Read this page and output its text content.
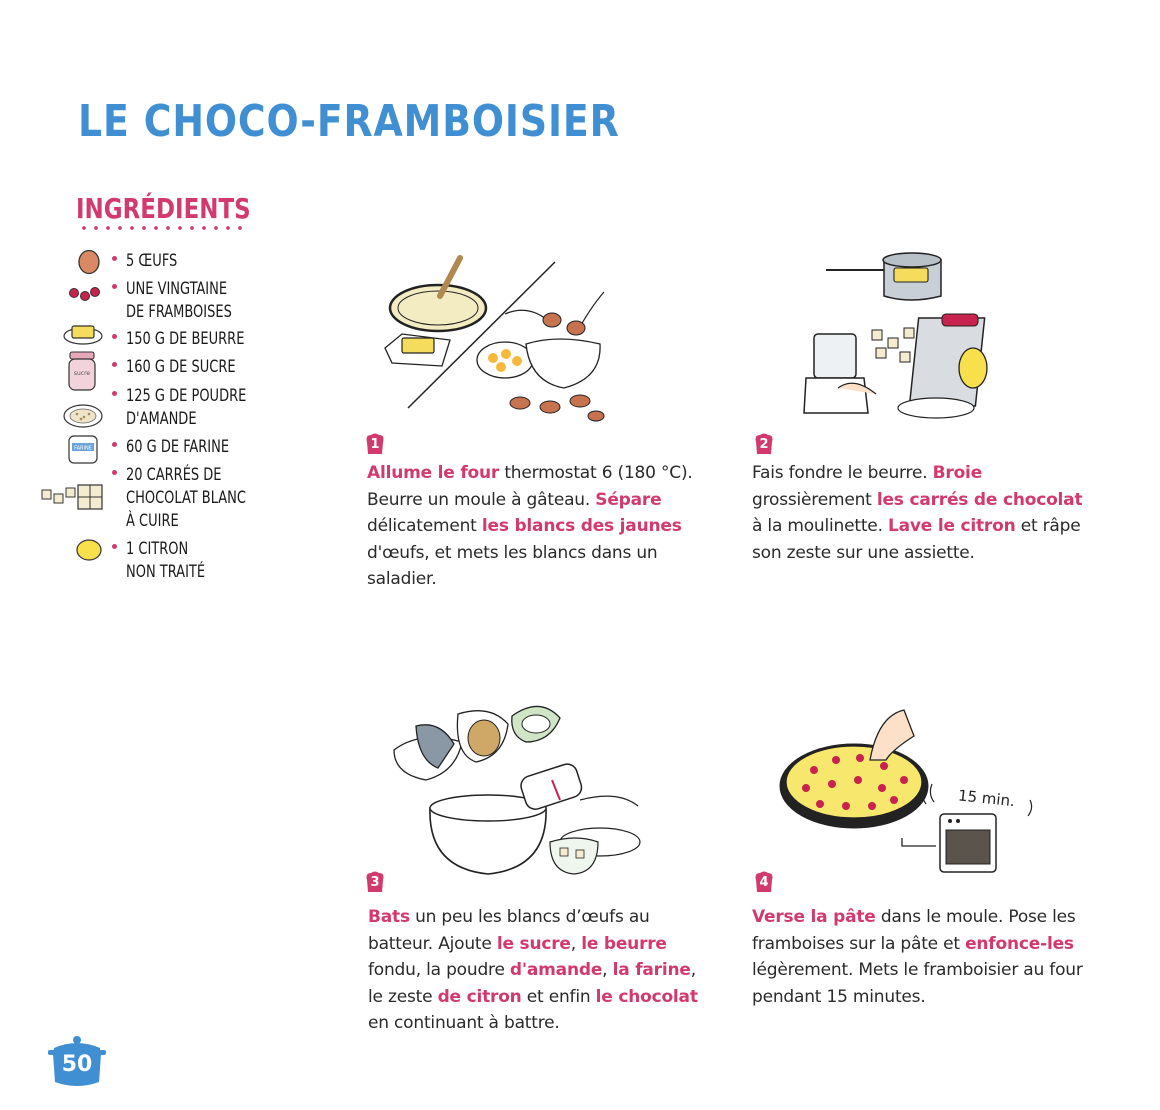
LE CHOCO-FRAMBOISIER
INGRÉDIENTS
5 ŒUFS
UNE VINGTAINE
DE FRAMBOISES
150 G DE BEURRE
160 G DE SUCRE
125 G DE POUDRE
D'AMANDE
60 G DE FARINE
20 CARRÉS DE
CHOCOLAT BLANC
À CUIRE
1 CITRON
NON TRAITÉ
sucre
FARINE
15 min.
1	2
3	4
Allume le four thermostat 6 (180 °C). Beurre un moule à gâteau. Sépare délicatement les blancs des jaunes d'œufs, et mets les blancs dans un saladier.
Fais fondre le beurre. Broie grossièrement les carrés de chocolat à la moulinette. Lave le citron et râpe son zeste sur une assiette.
Bats un peu les blancs d’œufs au batteur. Ajoute le sucre, le beurre fondu, la poudre d'amande, la farine, le zeste de citron et enfin le chocolat en continuant à battre.
Verse la pâte dans le moule. Pose les framboises sur la pâte et enfonce-les légèrement. Mets le framboisier au four pendant 15 minutes.
50
